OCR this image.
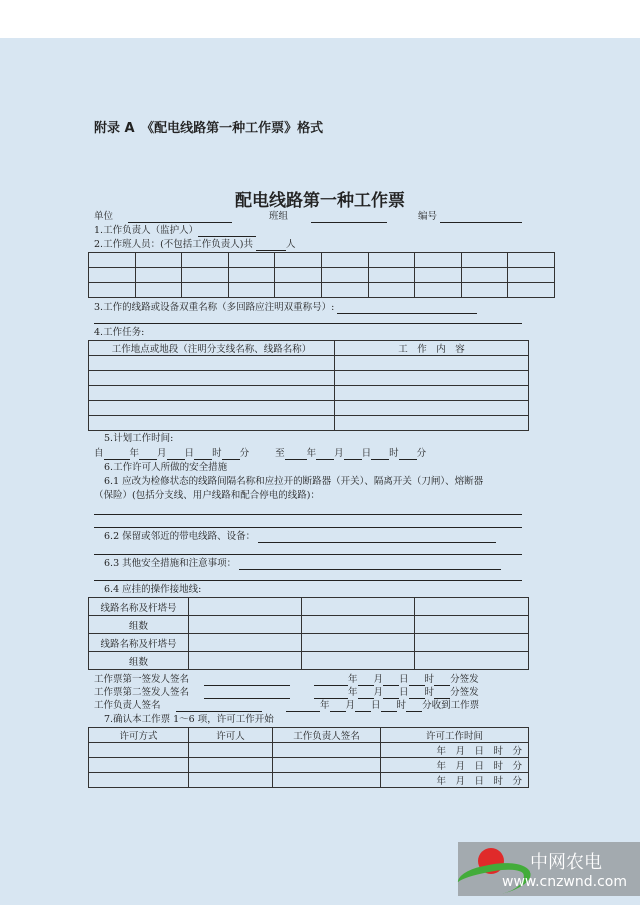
附录 A　《配电线路第一种工作票》格式
配电线路第一种工作票
单位	班组	编号
1.工作负责人（监护人）
2.工作班人员：(不包括工作负责人)共	人

3.工作的线路或设备双重名称（多回路应注明双重称号）:
4.工作任务:
工作地点或地段（注明分支线名称、线路名称）	工　作　内　容

5.计划工作时间:
自	年 月 日 时 分	至 年 月 日 时 分
6.工作许可人所做的安全措施
6.1 应改为检修状态的线路间隔名称和应拉开的断路器（开关）、隔离开关（刀闸）、熔断器
（保险）(包括分支线、用户线路和配合停电的线路)：
6.2 保留或邻近的带电线路、设备：
6.3 其他安全措施和注意事项：
6.4 应挂的操作接地线:
线路名称及杆塔号			
组数			
线路名称及杆塔号			
组数			
工作票第一签发人签名	年 月 日 时 分签发
工作票第二签发人签名	年 月 日 时 分签发
工作负责人签名	年 月 日 时 分收到工作票
7.确认本工作票 1～6 项，许可工作开始
许可方式	许可人	工作负责人签名	许可工作时间
			年　月　日　时　分
			年　月　日　时　分
			年　月　日　时　分
中网农电
www.cnzwnd.com
